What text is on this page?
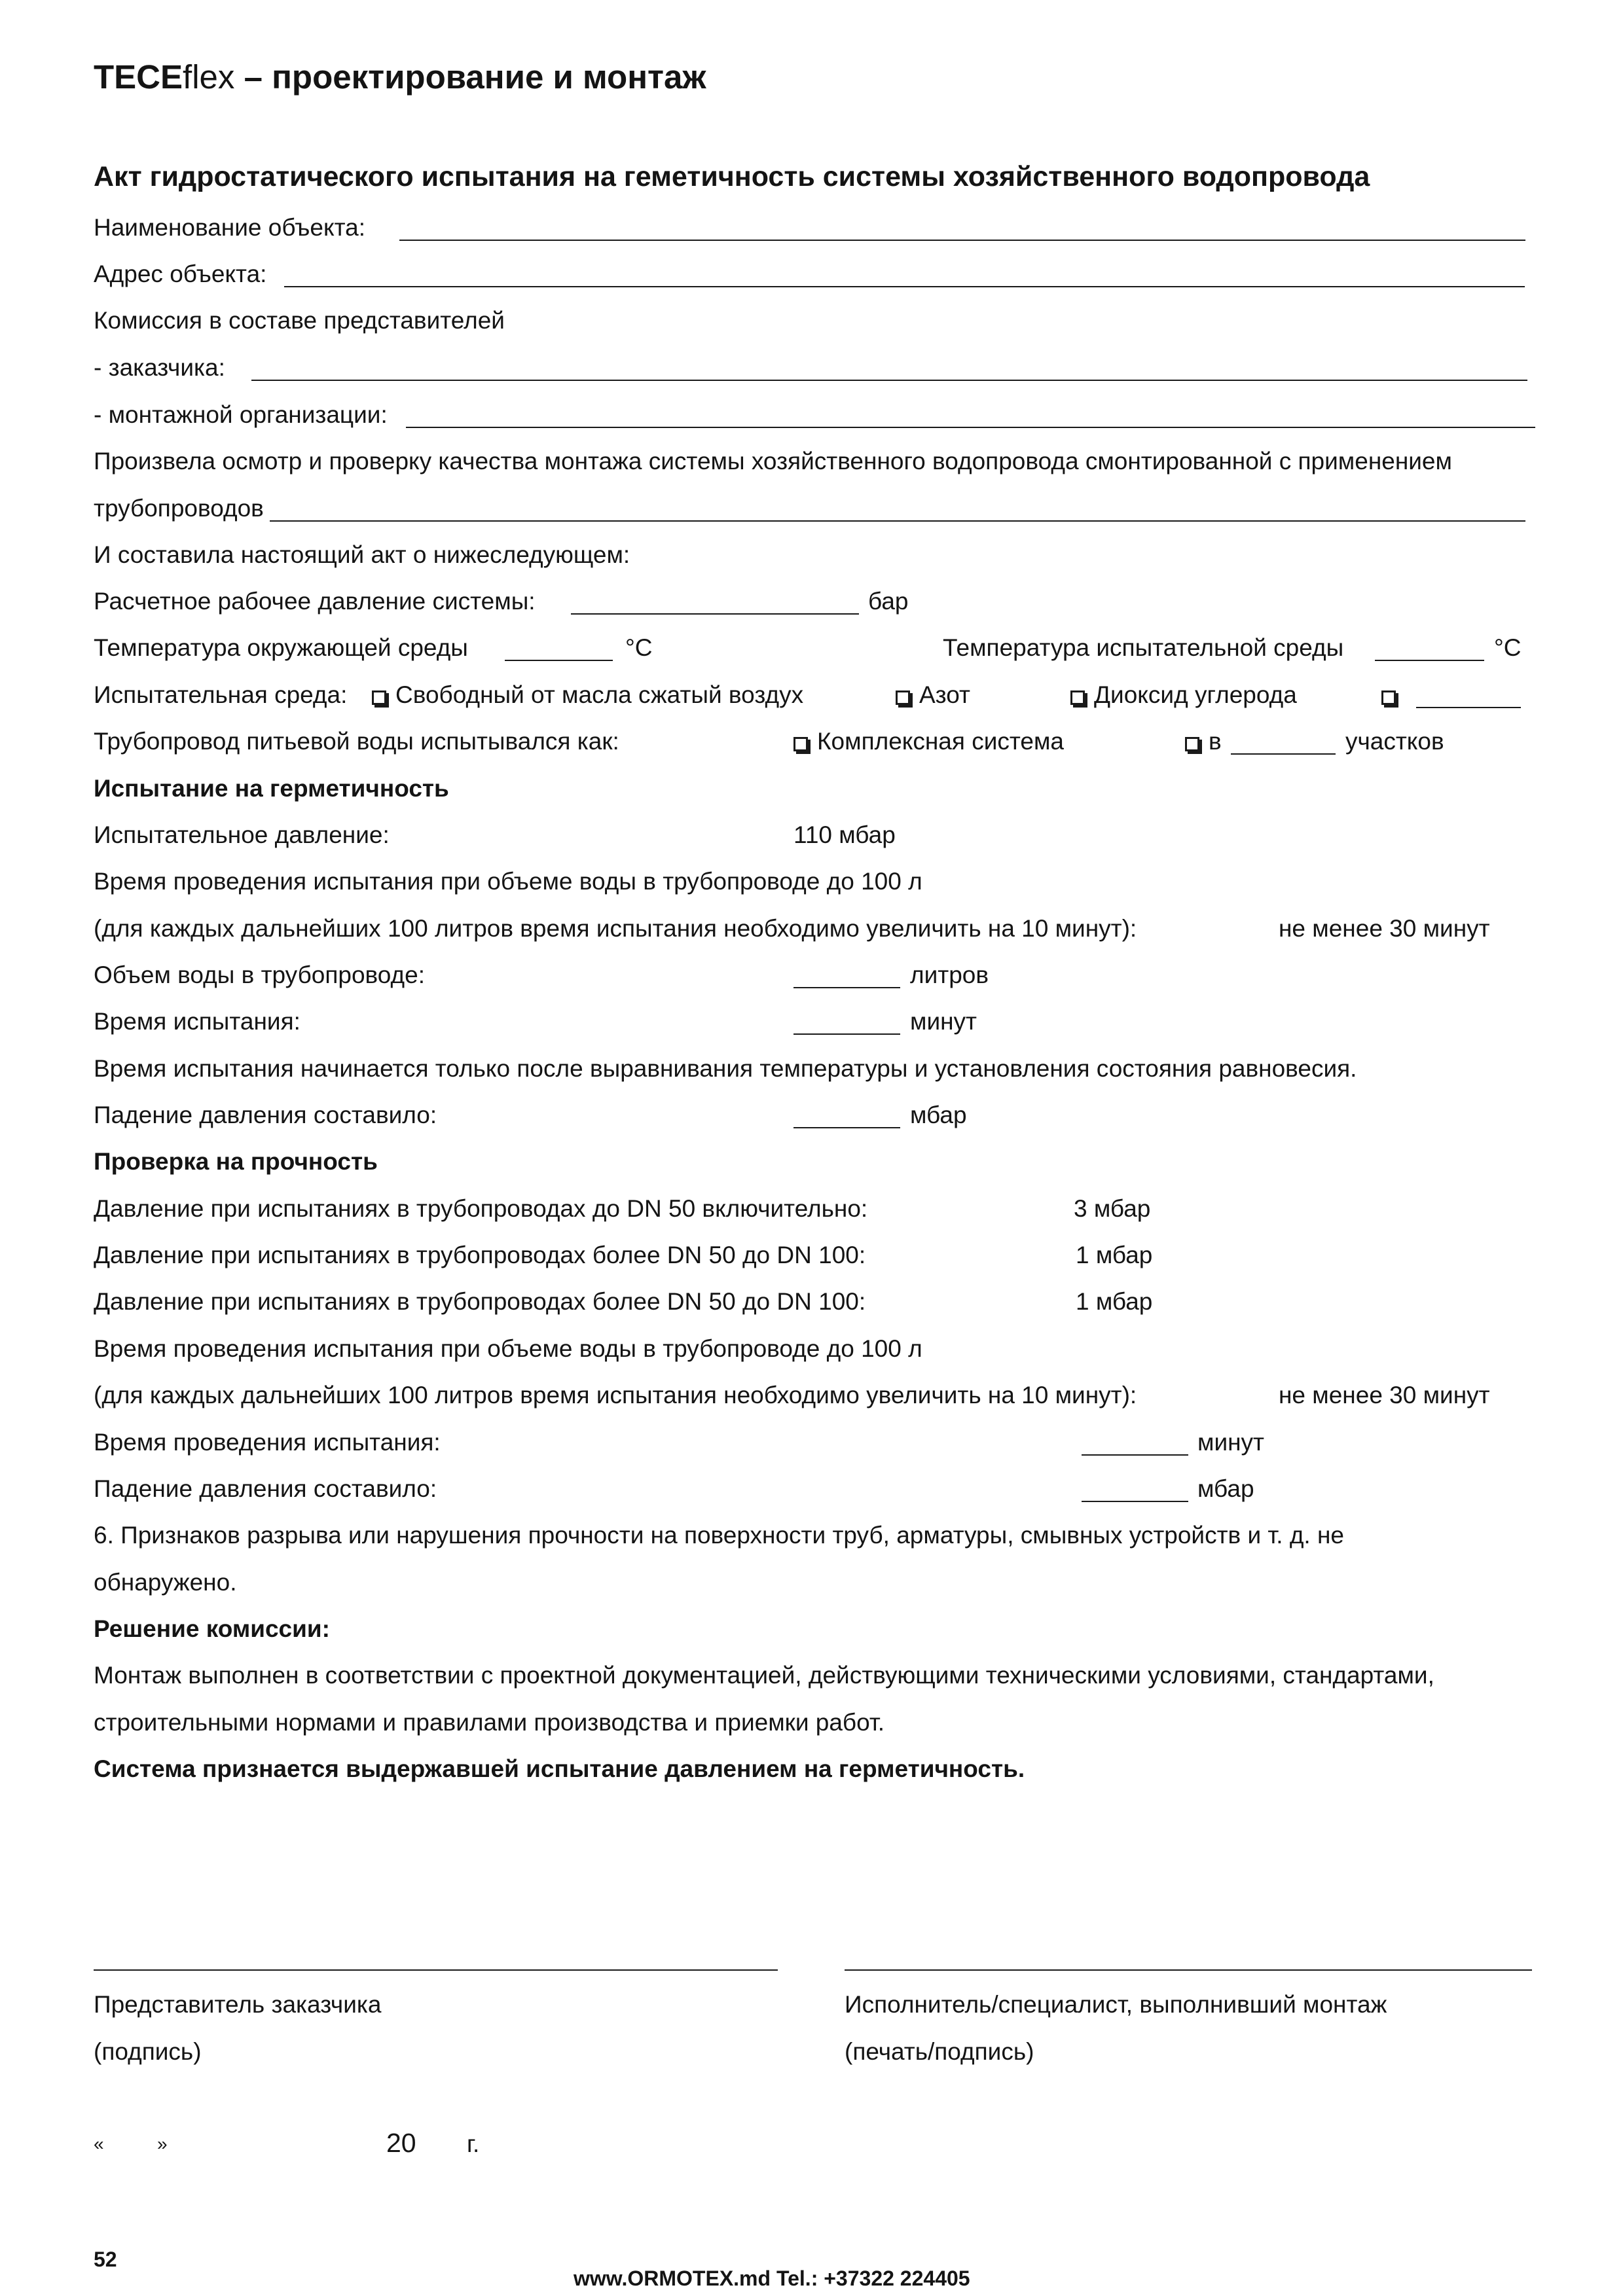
TECEflex – проектирование и монтаж
Акт гидростатического испытания на геметичность системы хозяйственного водопровода
Наименование объекта:
Адрес объекта:
Комиссия в составе представителей
- заказчика:
- монтажной организации:
Произвела осмотр и проверку качества монтажа системы хозяйственного водопровода смонтированной с применением
трубопроводов
И составила настоящий акт о нижеследующем:
Расчетное рабочее давление системы:	бар
Температура окружающей среды	°С	Температура испытательной среды	°С
Испытательная среда:	Свободный от масла сжатый воздух	Азот	Диоксид углерода
Трубопровод питьевой воды испытывался как:	Комплексная система	в	участков
Испытание на герметичность
Испытательное давление:	110 мбар
Время проведения испытания при объеме воды в трубопроводе до 100 л
(для каждых дальнейших 100 литров время испытания необходимо увеличить на 10 минут):	не менее 30 минут
Объем воды в трубопроводе:	литров
Время испытания:	минут
Время испытания начинается только после выравнивания температуры и установления состояния равновесия.
Падение давления составило:	мбар
Проверка на прочность
Давление при испытаниях в трубопроводах до DN 50 включительно:	3 мбар
Давление при испытаниях в трубопроводах более DN 50 до DN 100:	1 мбар
Давление при испытаниях в трубопроводах более DN 50 до DN 100:	1 мбар
Время проведения испытания при объеме воды в трубопроводе до 100 л
(для каждых дальнейших 100 литров время испытания необходимо увеличить на 10 минут):	не менее 30 минут
Время проведения испытания:	минут
Падение давления составило:	мбар
6. Признаков разрыва или нарушения прочности на поверхности труб, арматуры, смывных устройств и т. д. не
обнаружено.
Решение комиссии:
Монтаж выполнен в соответствии с проектной документацией, действующими техническими условиями, стандартами,
строительными нормами и правилами производства и приемки работ.
Система признается выдержавшей испытание давлением на герметичность.
Представитель заказчика
(подпись)
Исполнитель/специалист, выполнивший монтаж
(печать/подпись)
«	»	20 г.
52
www.ORMOTEX.md Tel.: +37322 224405
